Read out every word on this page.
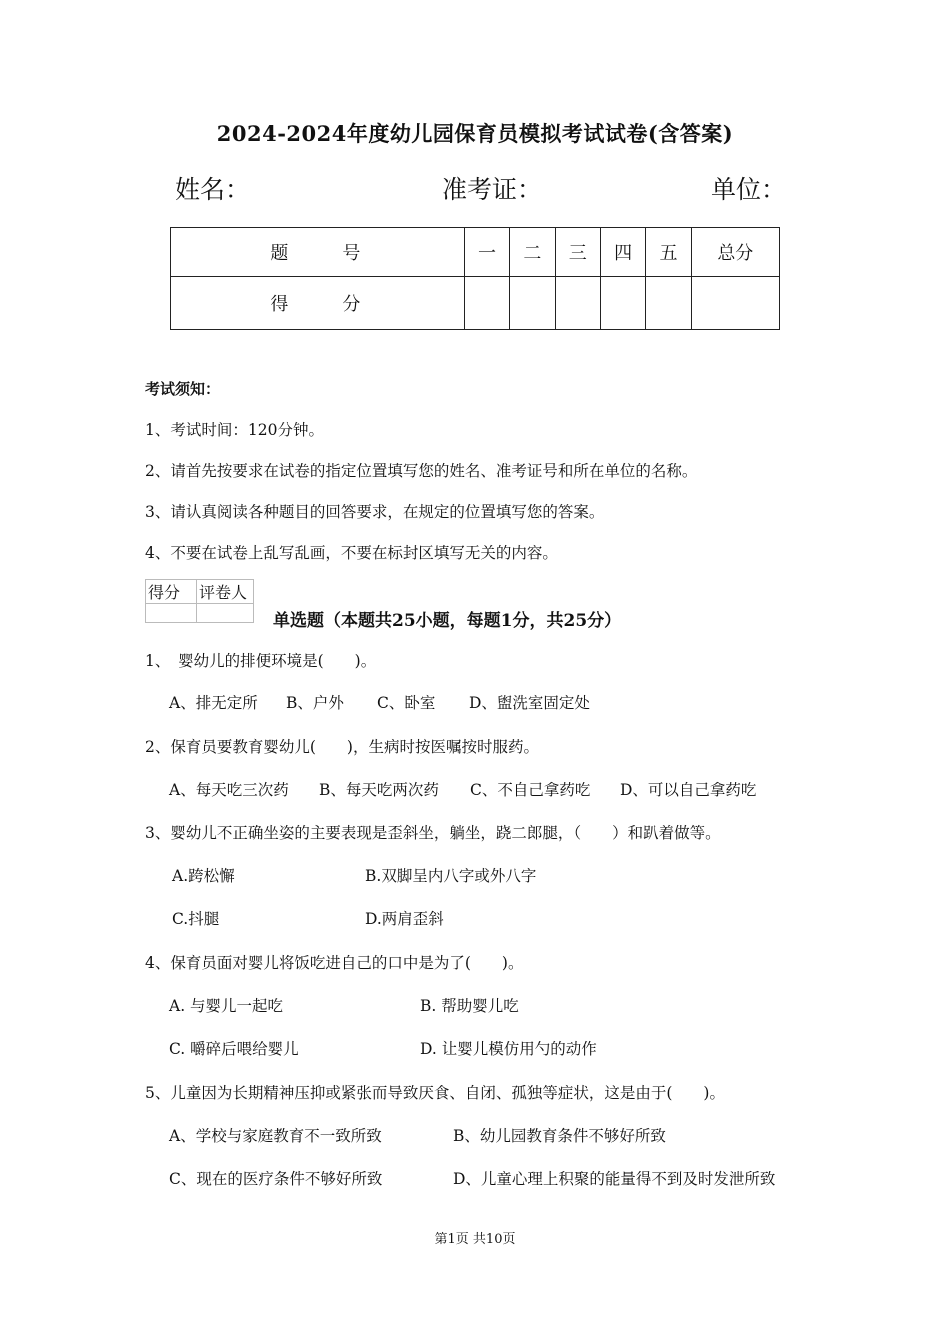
2024-2024年度幼儿园保育员模拟考试试卷(含答案)
姓名：	准考证：	单位：
题　号	一	二	三	四	五	总分
得　分						
考试须知：
1、考试时间：120分钟。
2、请首先按要求在试卷的指定位置填写您的姓名、准考证号和所在单位的名称。
3、请认真阅读各种题目的回答要求，在规定的位置填写您的答案。
4、不要在试卷上乱写乱画，不要在标封区填写无关的内容。
得分	评卷人

单选题（本题共25小题，每题1分，共25分）
1、　婴幼儿的排便环境是(　　)。
A、排无定所 B、户外 C、卧室 D、盥洗室固定处
2、保育员要教育婴幼儿(　　)，生病时按医嘱按时服药。
A、每天吃三次药 B、每天吃两次药 C、不自己拿药吃 D、可以自己拿药吃
3、婴幼儿不正确坐姿的主要表现是歪斜坐，躺坐，跷二郎腿，（　　）和趴着做等。
A.跨松懈	B.双脚呈内八字或外八字
C.抖腿	D.两肩歪斜
4、保育员面对婴儿将饭吃进自己的口中是为了(　　)。
A. 与婴儿一起吃	B. 帮助婴儿吃
C. 嚼碎后喂给婴儿	D. 让婴儿模仿用勺的动作
5、儿童因为长期精神压抑或紧张而导致厌食、自闭、孤独等症状，这是由于(　　)。
A、学校与家庭教育不一致所致	B、幼儿园教育条件不够好所致
C、现在的医疗条件不够好所致	D、儿童心理上积聚的能量得不到及时发泄所致
第1页 共10页
